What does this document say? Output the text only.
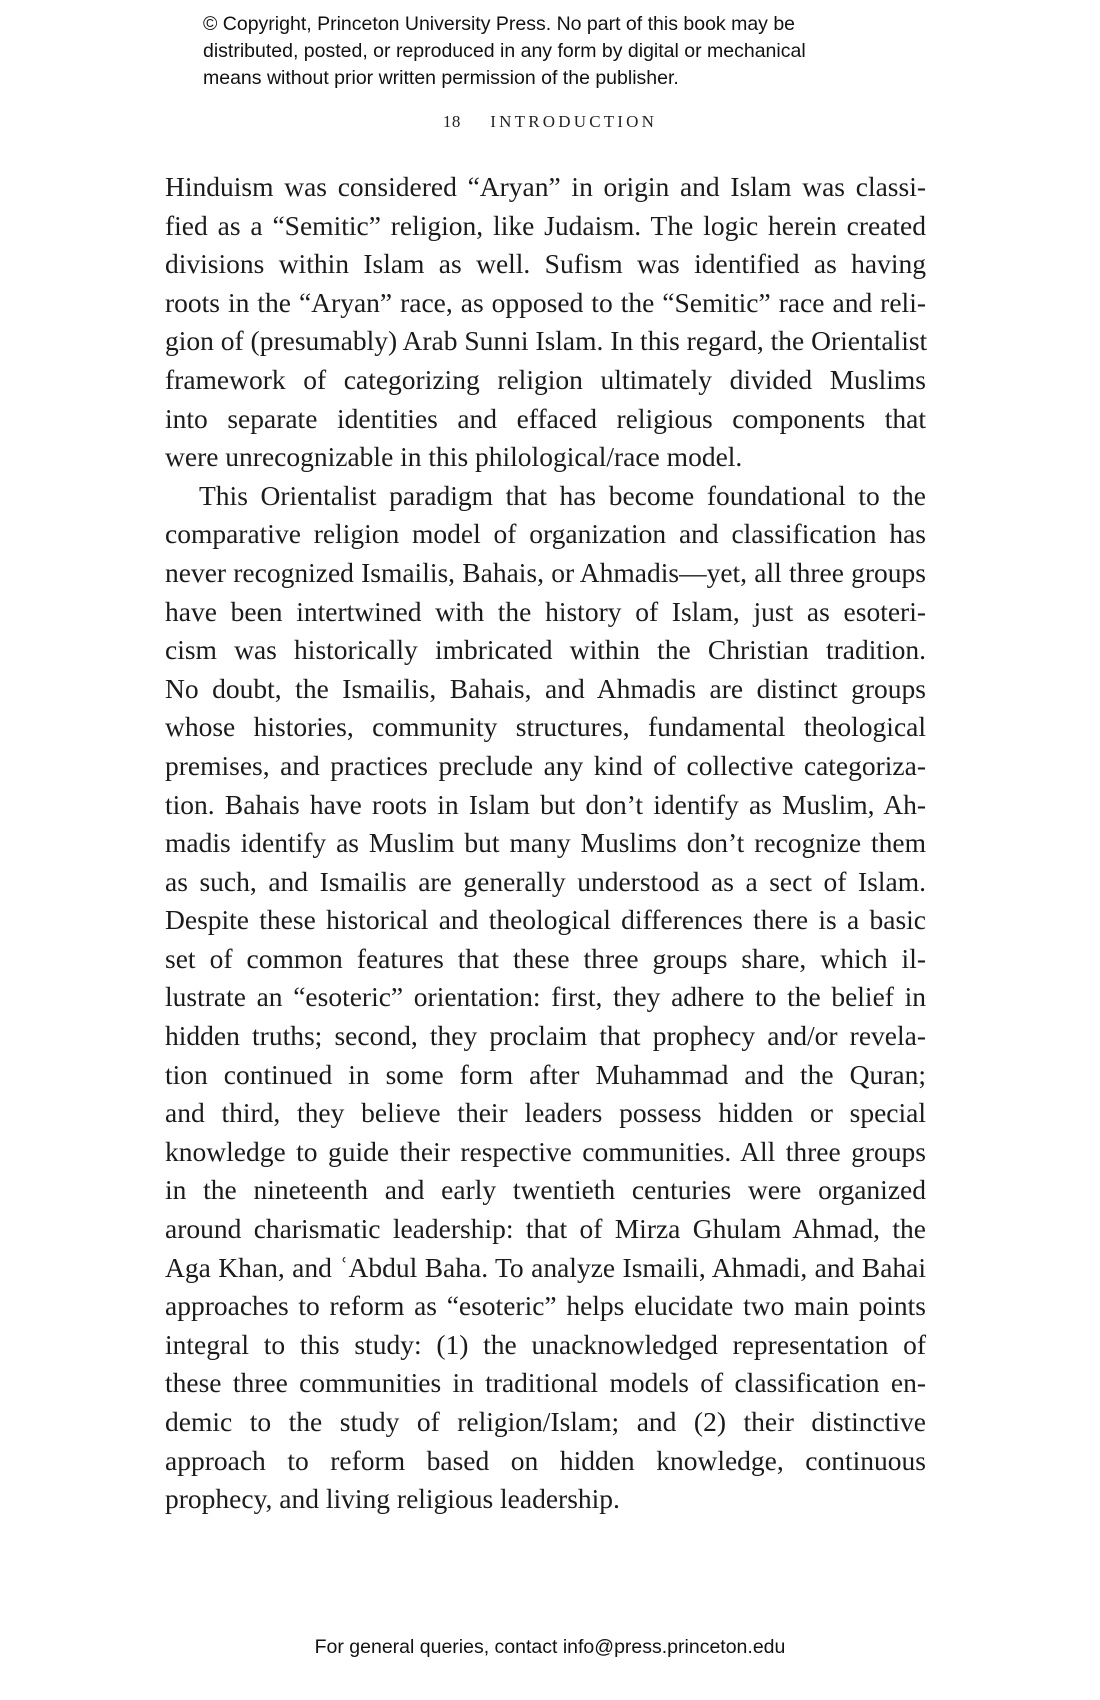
© Copyright, Princeton University Press. No part of this book may be
distributed, posted, or reproduced in any form by digital or mechanical
means without prior written permission of the publisher.
18 INTRODUCTION
Hinduism was considered “Aryan” in origin and Islam was classi-
fied as a “Semitic” religion, like Judaism. The logic herein created
divisions within Islam as well. Sufism was identified as having
roots in the “Aryan” race, as opposed to the “Semitic” race and reli-
gion of (presumably) Arab Sunni Islam. In this regard, the Orientalist
framework of categorizing religion ultimately divided Muslims
into separate identities and effaced religious components that
were unrecognizable in this philological/race model.
This Orientalist paradigm that has become foundational to the
comparative religion model of organization and classification has
never recognized Ismailis, Bahais, or Ahmadis—yet, all three groups
have been intertwined with the history of Islam, just as esoteri-
cism was historically imbricated within the Christian tradition.
No doubt, the Ismailis, Bahais, and Ahmadis are distinct groups
whose histories, community structures, fundamental theological
premises, and practices preclude any kind of collective categoriza-
tion. Bahais have roots in Islam but don’t identify as Muslim, Ah-
madis identify as Muslim but many Muslims don’t recognize them
as such, and Ismailis are generally understood as a sect of Islam.
Despite these historical and theological differences there is a basic
set of common features that these three groups share, which il-
lustrate an “esoteric” orientation: first, they adhere to the belief in
hidden truths; second, they proclaim that prophecy and/or revela-
tion continued in some form after Muhammad and the Quran;
and third, they believe their leaders possess hidden or special
knowledge to guide their respective communities. All three groups
in the nineteenth and early twentieth centuries were organized
around charismatic leadership: that of Mirza Ghulam Ahmad, the
Aga Khan, and ʿAbdul Baha. To analyze Ismaili, Ahmadi, and Bahai
approaches to reform as “esoteric” helps elucidate two main points
integral to this study: (1) the unacknowledged representation of
these three communities in traditional models of classification en-
demic to the study of religion/Islam; and (2) their distinctive
approach to reform based on hidden knowledge, continuous
prophecy, and living religious leadership.
For general queries, contact info@press.princeton.edu
